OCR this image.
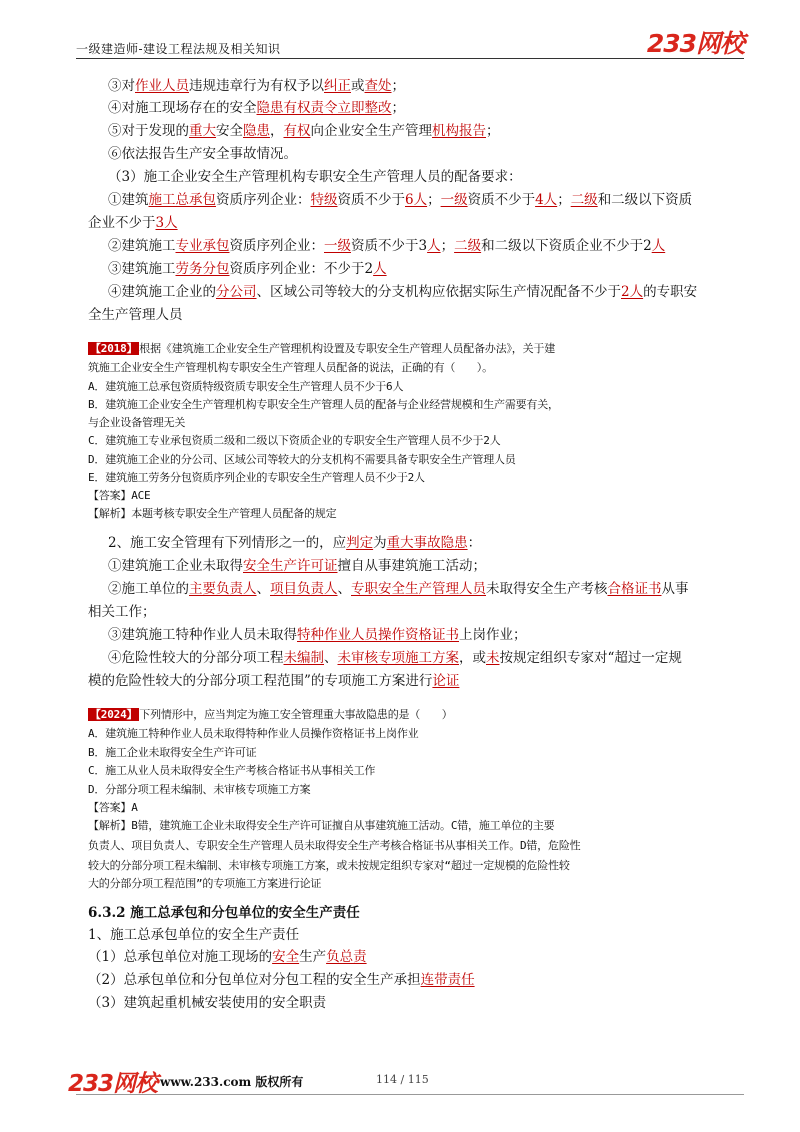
一级建造师-建设工程法规及相关知识	233网校
③对作业人员违规违章行为有权予以纠正或查处；
④对施工现场存在的安全隐患有权责令立即整改；
⑤对于发现的重大安全隐患，有权向企业安全生产管理机构报告；
⑥依法报告生产安全事故情况。
（3）施工企业安全生产管理机构专职安全生产管理人员的配备要求：
①建筑施工总承包资质序列企业：特级资质不少于6人；一级资质不少于4人；二级和二级以下资质
企业不少于3人
②建筑施工专业承包资质序列企业：一级资质不少于3人；二级和二级以下资质企业不少于2人
③建筑施工劳务分包资质序列企业：不少于2人
④建筑施工企业的分公司、区域公司等较大的分支机构应依据实际生产情况配备不少于2人的专职安
全生产管理人员
【2018】 根据《建筑施工企业安全生产管理机构设置及专职安全生产管理人员配备办法》，关于建
筑施工企业安全生产管理机构专职安全生产管理人员配备的说法，正确的有（　　）。
A．建筑施工总承包资质特级资质专职安全生产管理人员不少于6人
B．建筑施工企业安全生产管理机构专职安全生产管理人员的配备与企业经营规模和生产需要有关，
与企业设备管理无关
C．建筑施工专业承包资质二级和二级以下资质企业的专职安全生产管理人员不少于2人
D．建筑施工企业的分公司、区域公司等较大的分支机构不需要具备专职安全生产管理人员
E．建筑施工劳务分包资质序列企业的专职安全生产管理人员不少于2人
【答案】ACE
【解析】本题考核专职安全生产管理人员配备的规定
2、施工安全管理有下列情形之一的，应判定为重大事故隐患：
①建筑施工企业未取得安全生产许可证擅自从事建筑施工活动；
②施工单位的主要负责人、项目负责人、专职安全生产管理人员未取得安全生产考核合格证书从事
相关工作；
③建筑施工特种作业人员未取得特种作业人员操作资格证书上岗作业；
④危险性较大的分部分项工程未编制、未审核专项施工方案，或未按规定组织专家对“超过一定规
模的危险性较大的分部分项工程范围”的专项施工方案进行论证
【2024】 下列情形中，应当判定为施工安全管理重大事故隐患的是（　　）
A．建筑施工特种作业人员未取得特种作业人员操作资格证书上岗作业
B．施工企业未取得安全生产许可证
C．施工从业人员未取得安全生产考核合格证书从事相关工作
D．分部分项工程未编制、未审核专项施工方案
【答案】A
【解析】B错，建筑施工企业未取得安全生产许可证擅自从事建筑施工活动。C错，施工单位的主要
负责人、项目负责人、专职安全生产管理人员未取得安全生产考核合格证书从事相关工作。D错，危险性
较大的分部分项工程未编制、未审核专项施工方案，或未按规定组织专家对“超过一定规模的危险性较
大的分部分项工程范围”的专项施工方案进行论证
6.3.2 施工总承包和分包单位的安全生产责任
1、施工总承包单位的安全生产责任
（1）总承包单位对施工现场的安全生产负总责
（2）总承包单位和分包单位对分包工程的安全生产承担连带责任
（3）建筑起重机械安装使用的安全职责
233网校 www.233.com 版权所有	114 / 115
